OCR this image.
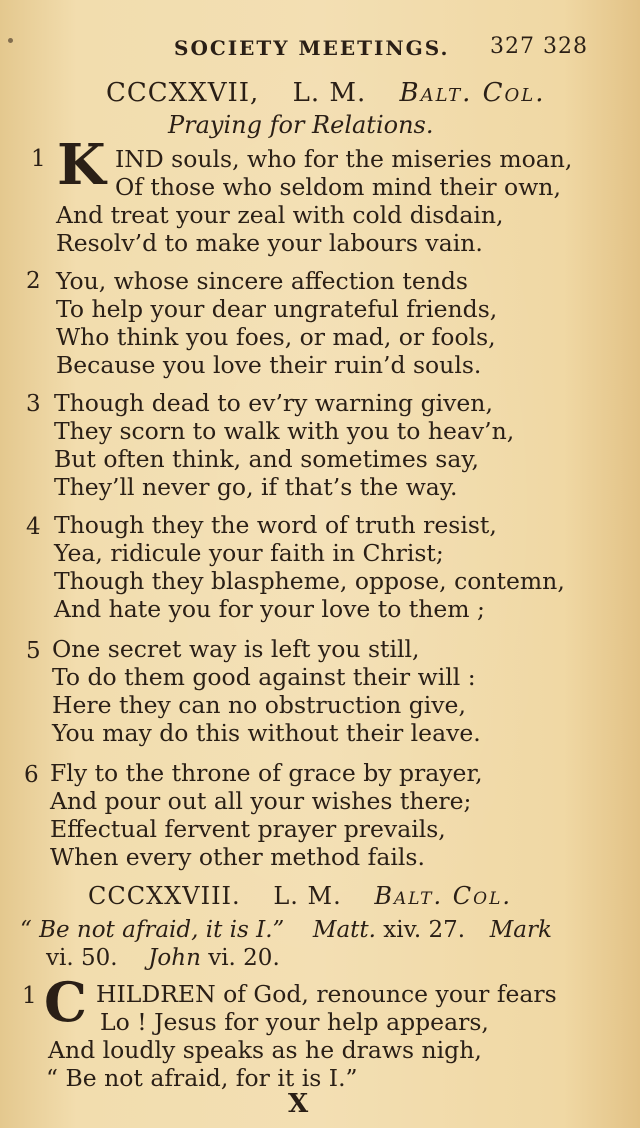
SOCIETY MEETINGS. 327 328
CCCXXVII, L. M. Balt. Col.
Praying for Relations.
1 K IND souls, who for the miseries moan,
Of those who seldom mind their own,
And treat your zeal with cold disdain,
Resolv’d to make your labours vain.
2 You, whose sincere affection tends
To help your dear ungrateful friends,
Who think you foes, or mad, or fools,
Because you love their ruin’d souls.
3 Though dead to ev’ry warning given,
They scorn to walk with you to heav’n,
But often think, and sometimes say,
They’ll never go, if that’s the way.
4 Though they the word of truth resist,
Yea, ridicule your faith in Christ;
Though they blaspheme, oppose, contemn,
And hate you for your love to them ;
5 One secret way is left you still,
To do them good against their will :
Here they can no obstruction give,
You may do this without their leave.
6 Fly to the throne of grace by prayer,
And pour out all your wishes there;
Effectual fervent prayer prevails,
When every other method fails.
CCCXXVIII. L. M. Balt. Col.
“ Be not afraid, it is I.” Matt. xiv. 27. Mark
vi. 50. John vi. 20.
1 C HILDREN of God, renounce your fears
Lo ! Jesus for your help appears,
And loudly speaks as he draws nigh,
“ Be not afraid, for it is I.”
X
